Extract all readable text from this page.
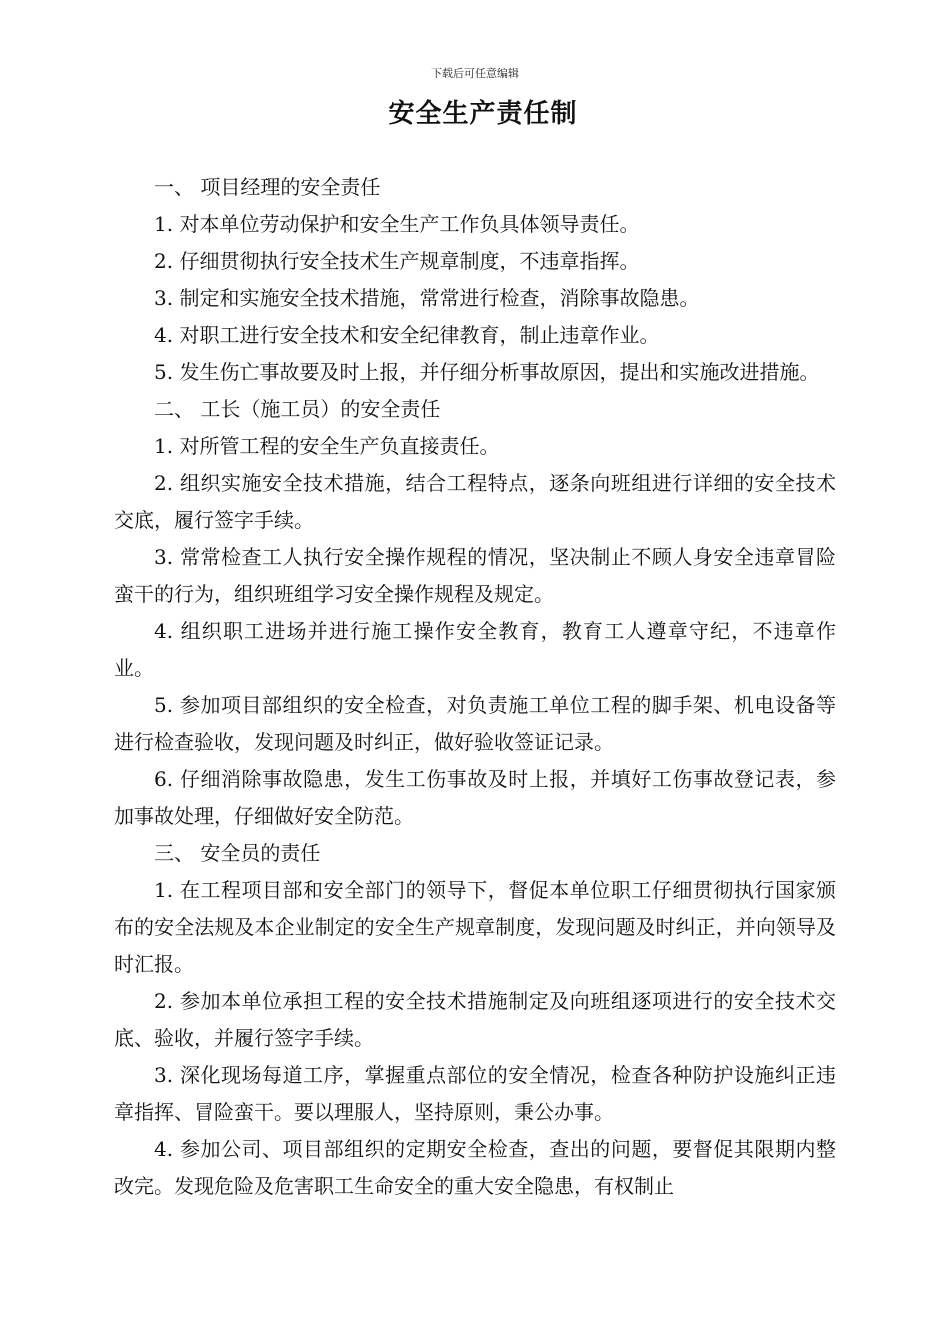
下载后可任意编辑
安全生产责任制

一、 项目经理的安全责任

1. 对本单位劳动保护和安全生产工作负具体领导责任。

2. 仔细贯彻执行安全技术生产规章制度，不违章指挥。

3. 制定和实施安全技术措施，常常进行检查，消除事故隐患。

4. 对职工进行安全技术和安全纪律教育，制止违章作业。

5. 发生伤亡事故要及时上报，并仔细分析事故原因，提出和实施改进措施。

二、 工长（施工员）的安全责任

1. 对所管工程的安全生产负直接责任。

2. 组织实施安全技术措施，结合工程特点，逐条向班组进行详细的安全技术交底，履行签字手续。

3. 常常检查工人执行安全操作规程的情况，坚决制止不顾人身安全违章冒险蛮干的行为，组织班组学习安全操作规程及规定。

4. 组织职工进场并进行施工操作安全教育，教育工人遵章守纪，不违章作业。

5. 参加项目部组织的安全检查，对负责施工单位工程的脚手架、机电设备等进行检查验收，发现问题及时纠正，做好验收签证记录。

6. 仔细消除事故隐患，发生工伤事故及时上报，并填好工伤事故登记表，参加事故处理，仔细做好安全防范。

三、 安全员的责任

1. 在工程项目部和安全部门的领导下，督促本单位职工仔细贯彻执行国家颁布的安全法规及本企业制定的安全生产规章制度，发现问题及时纠正，并向领导及时汇报。

2. 参加本单位承担工程的安全技术措施制定及向班组逐项进行的安全技术交底、验收，并履行签字手续。

3. 深化现场每道工序，掌握重点部位的安全情况，检查各种防护设施纠正违章指挥、冒险蛮干。要以理服人，坚持原则，秉公办事。

4. 参加公司、项目部组织的定期安全检查，查出的问题，要督促其限期内整改完。发现危险及危害职工生命安全的重大安全隐患，有权制止
